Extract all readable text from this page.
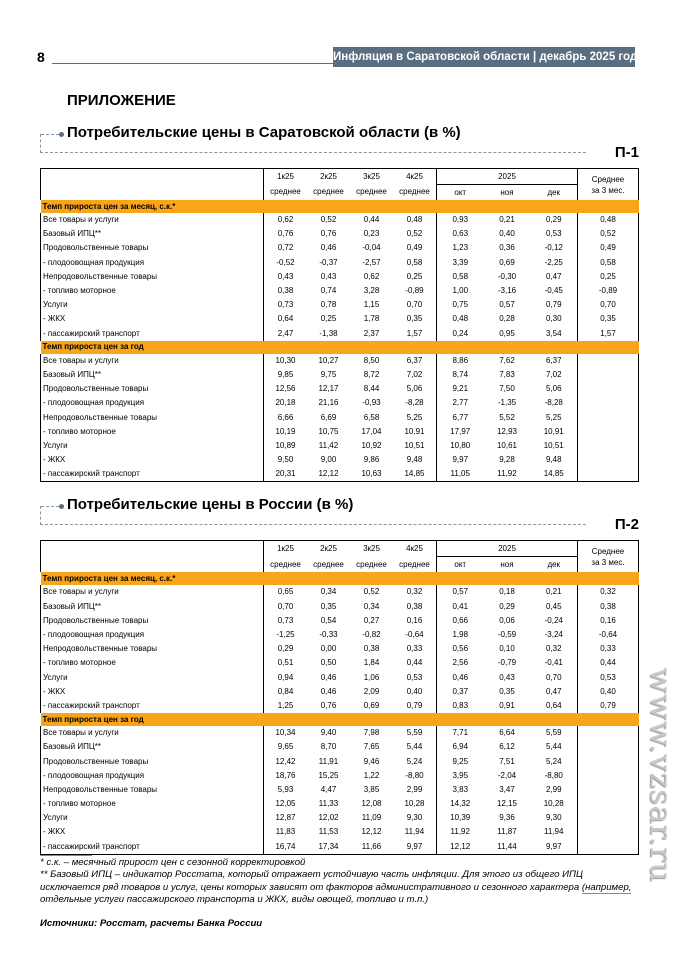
8	Инфляция в Саратовской области | декабрь 2025 года
ПРИЛОЖЕНИЕ
Потребительские цены в Саратовской области (в %)
П-1
	1к25	2к25	3к25	4к25	2025			Среднее
за 3 мес.

	среднее	среднее	среднее	среднее	окт	ноя	дек	
Темп прироста цен за месяц, с.к.*								
Все товары и услуги	0,62	0,52	0,44	0,48	0,93	0,21	0,29	0,48
Базовый ИПЦ**	0,76	0,76	0,23	0,52	0,63	0,40	0,53	0,52
Продовольственные товары	0,72	0,46	-0,04	0,49	1,23	0,36	-0,12	0,49
- плодоовощная продукция	-0,52	-0,37	-2,57	0,58	3,39	0,69	-2,25	0,58
Непродовольственные товары	0,43	0,43	0,62	0,25	0,58	-0,30	0,47	0,25
- топливо моторное	0,38	0,74	3,28	-0,89	1,00	-3,16	-0,45	-0,89
Услуги	0,73	0,78	1,15	0,70	0,75	0,57	0,79	0,70
- ЖКХ	0,64	0,25	1,78	0,35	0,48	0,28	0,30	0,35
- пассажирский транспорт	2,47	-1,38	2,37	1,57	0,24	0,95	3,54	1,57
Темп прироста цен за год								
Все товары и услуги	10,30	10,27	8,50	6,37	8,86	7,62	6,37	
Базовый ИПЦ**	9,85	9,75	8,72	7,02	8,74	7,83	7,02	
Продовольственные товары	12,56	12,17	8,44	5,06	9,21	7,50	5,06	
- плодоовощная продукция	20,18	21,16	-0,93	-8,28	2,77	-1,35	-8,28	
Непродовольственные товары	6,66	6,69	6,58	5,25	6,77	5,52	5,25	
- топливо моторное	10,19	10,75	17,04	10,91	17,97	12,93	10,91	
Услуги	10,89	11,42	10,92	10,51	10,80	10,61	10,51	
- ЖКХ	9,50	9,00	9,86	9,48	9,97	9,28	9,48	
- пассажирский транспорт	20,31	12,12	10,63	14,85	11,05	11,92	14,85	
Потребительские цены в России (в %)
П-2
	1к25	2к25	3к25	4к25	2025			Среднее
за 3 мес.

	среднее	среднее	среднее	среднее	окт	ноя	дек	
Темп прироста цен за месяц, с.к.*								
Все товары и услуги	0,65	0,34	0,52	0,32	0,57	0,18	0,21	0,32
Базовый ИПЦ**	0,70	0,35	0,34	0,38	0,41	0,29	0,45	0,38
Продовольственные товары	0,73	0,54	0,27	0,16	0,66	0,06	-0,24	0,16
- плодоовощная продукция	-1,25	-0,33	-0,82	-0,64	1,98	-0,59	-3,24	-0,64
Непродовольственные товары	0,29	0,00	0,38	0,33	0,56	0,10	0,32	0,33
- топливо моторное	0,51	0,50	1,84	0,44	2,56	-0,79	-0,41	0,44
Услуги	0,94	0,46	1,06	0,53	0,46	0,43	0,70	0,53
- ЖКХ	0,84	0,46	2,09	0,40	0,37	0,35	0,47	0,40
- пассажирский транспорт	1,25	0,76	0,69	0,79	0,83	0,91	0,64	0,79
Темп прироста цен за год								
Все товары и услуги	10,34	9,40	7,98	5,59	7,71	6,64	5,59	
Базовый ИПЦ**	9,65	8,70	7,65	5,44	6,94	6,12	5,44	
Продовольственные товары	12,42	11,91	9,46	5,24	9,25	7,51	5,24	
- плодоовощная продукция	18,76	15,25	1,22	-8,80	3,95	-2,04	-8,80	
Непродовольственные товары	5,93	4,47	3,85	2,99	3,83	3,47	2,99	
- топливо моторное	12,05	11,33	12,08	10,28	14,32	12,15	10,28	
Услуги	12,87	12,02	11,09	9,30	10,39	9,36	9,30	
- ЖКХ	11,83	11,53	12,12	11,94	11,92	11,87	11,94	
- пассажирский транспорт	16,74	17,34	11,66	9,97	12,12	11,44	9,97	
* с.к. – месячный прирост цен с сезонной корректировкой
** Базовый ИПЦ – индикатор Росстата, который отражает устойчивую часть инфляции. Для этого из общего ИПЦ исключается ряд товаров и услуг, цены которых зависят от факторов административного и сезонного характера (например, отдельные услуги пассажирского транспорта и ЖКХ, виды овощей, топливо и т.п.)
Источники: Росстат, расчеты Банка России
www.vzsar.ru
